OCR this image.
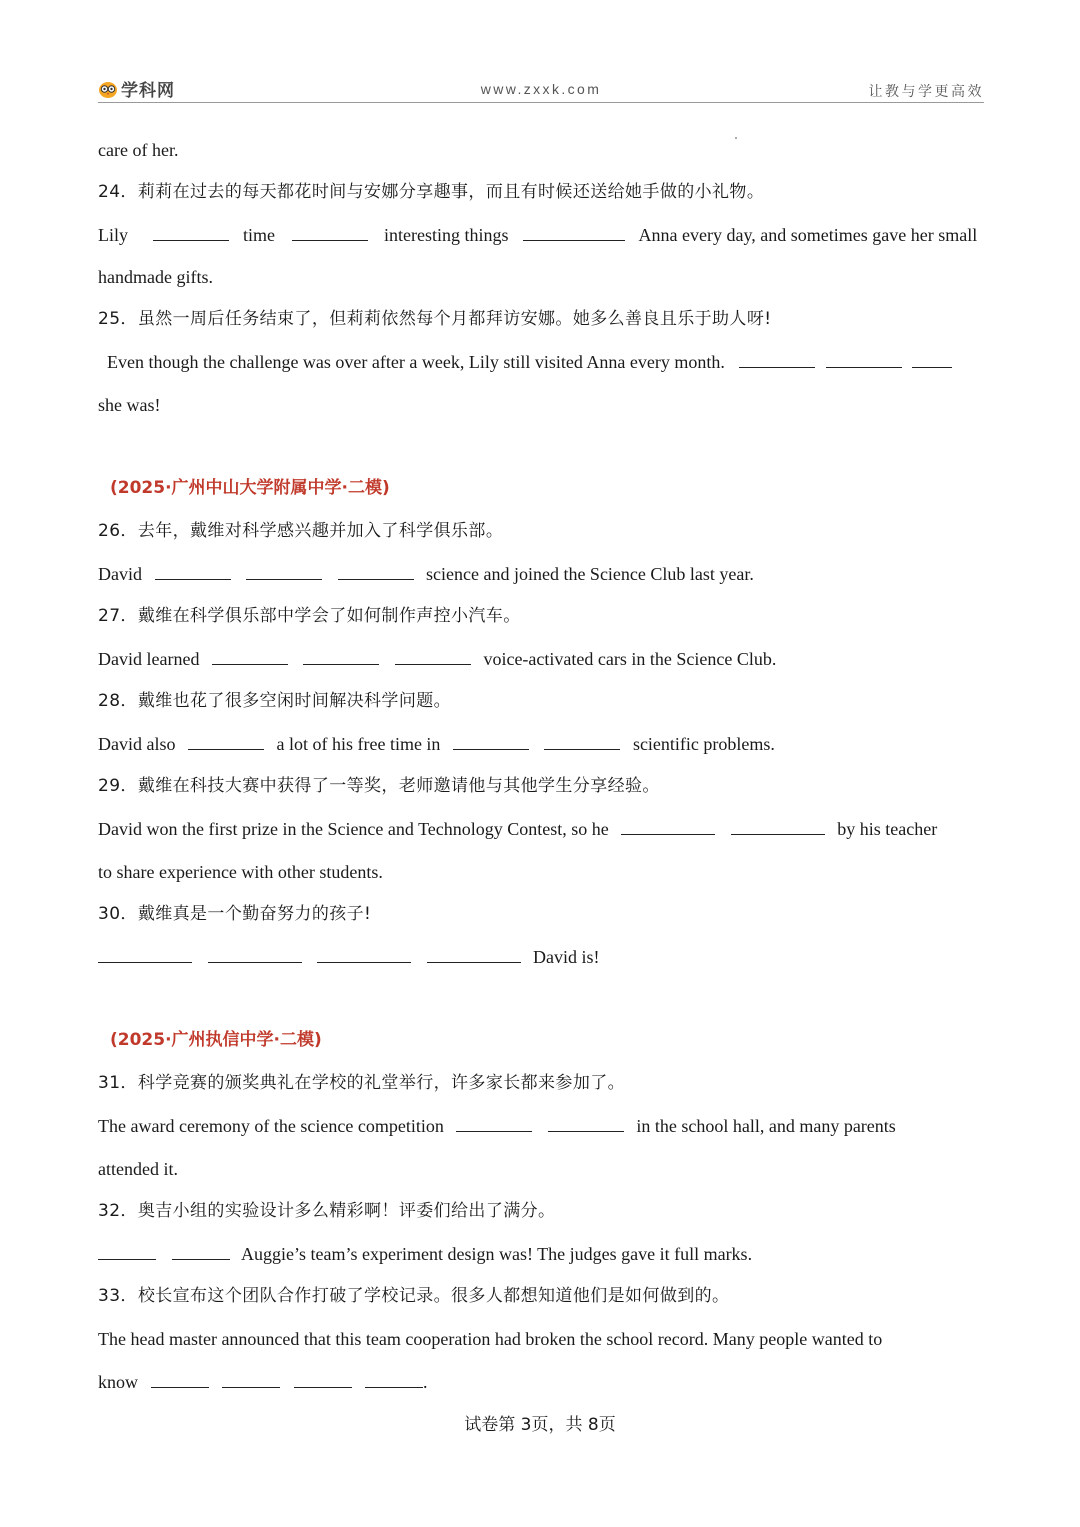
学科网	www.zxxk.com	让教与学更高效
care of her.
24．莉莉在过去的每天都花时间与安娜分享趣事，而且有时候还送给她手做的小礼物。
Lily	time	interesting things	Anna every day, and sometimes gave her small
handmade gifts.
25．虽然一周后任务结束了，但莉莉依然每个月都拜访安娜。她多么善良且乐于助人呀!
Even though the challenge was over after a week, Lily still visited Anna every month.
she was!
(2025·广州中山大学附属中学·二模)
26．去年，戴维对科学感兴趣并加入了科学俱乐部。
David	science and joined the Science Club last year.
27．戴维在科学俱乐部中学会了如何制作声控小汽车。
David learned	voice-activated cars in the Science Club.
28．戴维也花了很多空闲时间解决科学问题。
David also	a lot of his free time in	scientific problems.
29．戴维在科技大赛中获得了一等奖，老师邀请他与其他学生分享经验。
David won the first prize in the Science and Technology Contest, so he	by his teacher
to share experience with other students.
30．戴维真是一个勤奋努力的孩子!
David is!
(2025·广州执信中学·二模)
31．科学竞赛的颁奖典礼在学校的礼堂举行，许多家长都来参加了。
The award ceremony of the science competition	in the school hall, and many parents
attended it.
32．奥吉小组的实验设计多么精彩啊！评委们给出了满分。
Auggie’s team’s experiment design was! The judges gave it full marks.
33．校长宣布这个团队合作打破了学校记录。很多人都想知道他们是如何做到的。
The head master announced that this team cooperation had broken the school record. Many people wanted to
know	.
试卷第 3页，共 8页
